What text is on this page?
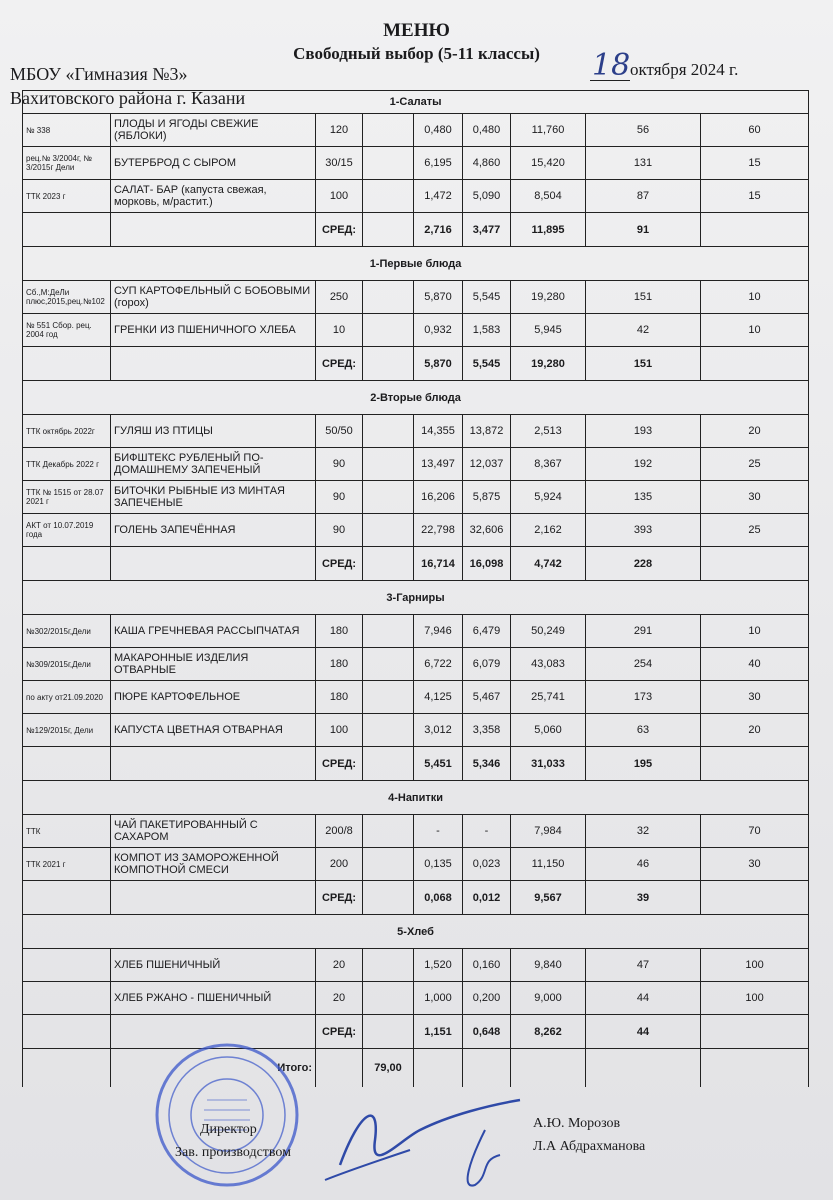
МЕНЮ
Свободный выбор (5-11 классы)
МБОУ «Гимназия №3»
Вахитовского района г. Казани
18 октября 2024 г.
1-Салаты								
№ 338	ПЛОДЫ И ЯГОДЫ СВЕЖИЕ (ЯБЛОКИ)	120		0,480	0,480	11,760	56	60
рец.№ 3/2004г, № 3/2015г Дели	БУТЕРБРОД С СЫРОМ	30/15		6,195	4,860	15,420	131	15
ТТК 2023 г	САЛАТ- БАР (капуста свежая, морковь, м/растит.)	100		1,472	5,090	8,504	87	15
		СРЕД:		2,716	3,477	11,895	91	
1-Первые блюда								
Сб.,М:ДеЛи плюс,2015,рец.№102	СУП КАРТОФЕЛЬНЫЙ С БОБОВЫМИ (горох)	250		5,870	5,545	19,280	151	10
№ 551 Сбор. рец. 2004 год	ГРЕНКИ ИЗ ПШЕНИЧНОГО ХЛЕБА	10		0,932	1,583	5,945	42	10
		СРЕД:		5,870	5,545	19,280	151	
2-Вторые блюда								
ТТК октябрь 2022г	ГУЛЯШ ИЗ ПТИЦЫ	50/50		14,355	13,872	2,513	193	20
ТТК Декабрь 2022 г	БИФШТЕКС РУБЛЕНЫЙ ПО-ДОМАШНЕМУ ЗАПЕЧЕНЫЙ	90		13,497	12,037	8,367	192	25
ТТК № 1515 от 28.07 2021 г	БИТОЧКИ РЫБНЫЕ ИЗ МИНТАЯ ЗАПЕЧЕНЫЕ	90		16,206	5,875	5,924	135	30
АКТ от 10.07.2019 года	ГОЛЕНЬ ЗАПЕЧЁННАЯ	90		22,798	32,606	2,162	393	25
		СРЕД:		16,714	16,098	4,742	228	
3-Гарниры								
№302/2015г,Дели	КАША ГРЕЧНЕВАЯ РАССЫПЧАТАЯ	180		7,946	6,479	50,249	291	10
№309/2015г,Дели	МАКАРОННЫЕ ИЗДЕЛИЯ ОТВАРНЫЕ	180		6,722	6,079	43,083	254	40
по акту от21.09.2020	ПЮРЕ КАРТОФЕЛЬНОЕ	180		4,125	5,467	25,741	173	30
№129/2015г, Дели	КАПУСТА ЦВЕТНАЯ ОТВАРНАЯ	100		3,012	3,358	5,060	63	20
		СРЕД:		5,451	5,346	31,033	195	
4-Напитки								
ТТК	ЧАЙ ПАКЕТИРОВАННЫЙ С САХАРОМ	200/8		-	-	7,984	32	70
ТТК 2021 г	КОМПОТ ИЗ ЗАМОРОЖЕННОЙ КОМПОТНОЙ СМЕСИ	200		0,135	0,023	11,150	46	30
		СРЕД:		0,068	0,012	9,567	39	
5-Хлеб								
	ХЛЕБ ПШЕНИЧНЫЙ	20		1,520	0,160	9,840	47	100
	ХЛЕБ РЖАНО - ПШЕНИЧНЫЙ	20		1,000	0,200	9,000	44	100
		СРЕД:		1,151	0,648	8,262	44	
	Итого:		79,00					
Директор
Зав. производством
А.Ю. Морозов
Л.А Абдрахманова
